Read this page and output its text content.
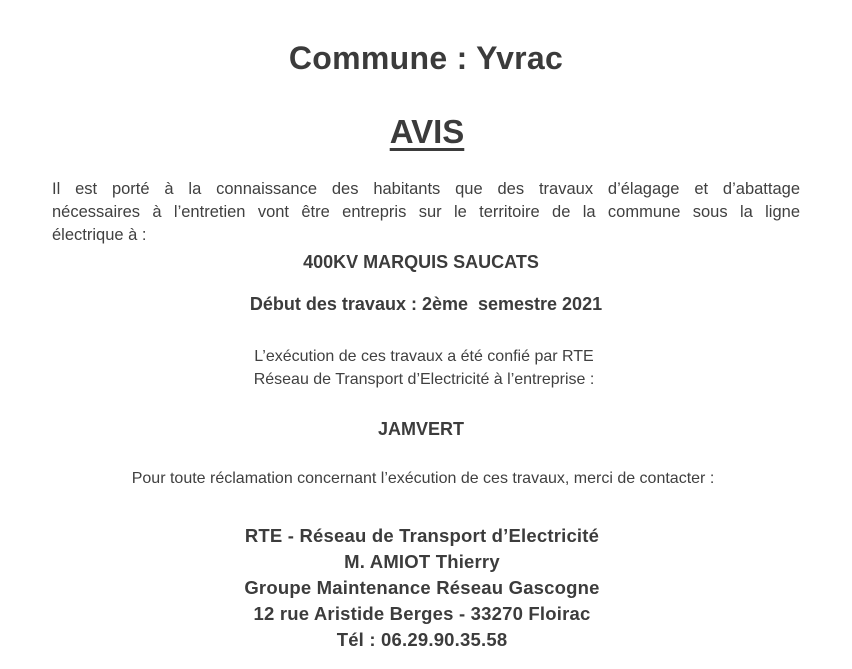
Commune : Yvrac
AVIS
Il est porté à la connaissance des habitants que des travaux d’élagage et d’abattage
nécessaires à l’entretien vont être entrepris sur le territoire de la commune sous la ligne
électrique à :
400KV MARQUIS SAUCATS
Début des travaux : 2ème  semestre 2021
L’exécution de ces travaux a été confié par RTE
Réseau de Transport d’Electricité à l’entreprise :
JAMVERT
Pour toute réclamation concernant l’exécution de ces travaux, merci de contacter :
RTE - Réseau de Transport d’Electricité
M. AMIOT Thierry
Groupe Maintenance Réseau Gascogne
12 rue Aristide Berges - 33270 Floirac
Tél : 06.29.90.35.58
